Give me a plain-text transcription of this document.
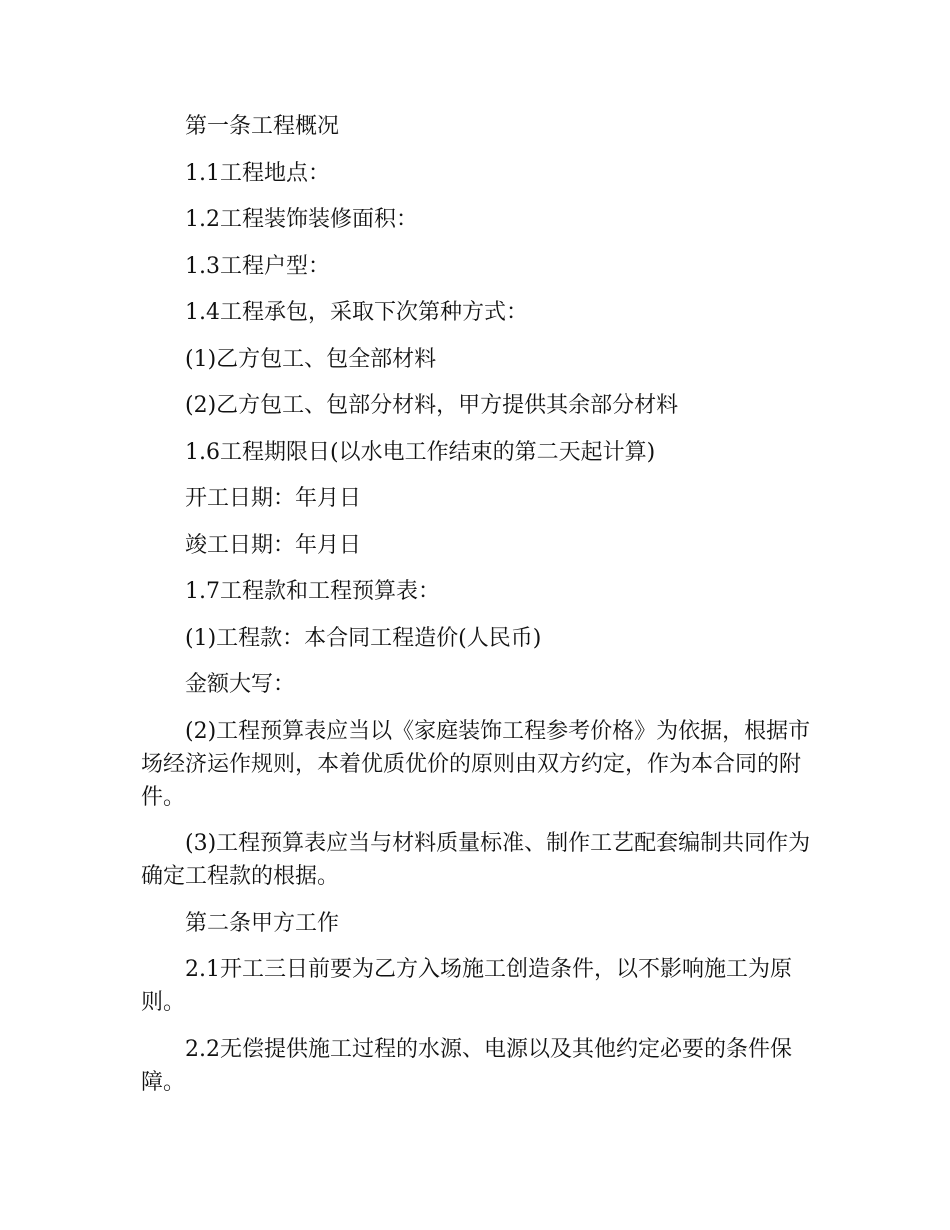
第一条工程概况

1.1工程地点：

1.2工程装饰装修面积：

1.3工程户型：

1.4工程承包，采取下次第种方式：

(1)乙方包工、包全部材料

(2)乙方包工、包部分材料，甲方提供其余部分材料

1.6工程期限日(以水电工作结束的第二天起计算)

开工日期：年月日

竣工日期：年月日

1.7工程款和工程预算表：

(1)工程款：本合同工程造价(人民币)

金额大写：

(2)工程预算表应当以《家庭装饰工程参考价格》为依据，根据市场经济运作规则，本着优质优价的原则由双方约定，作为本合同的附件。

(3)工程预算表应当与材料质量标准、制作工艺配套编制共同作为确定工程款的根据。

第二条甲方工作

2.1开工三日前要为乙方入场施工创造条件，以不影响施工为原则。

2.2无偿提供施工过程的水源、电源以及其他约定必要的条件保障。
